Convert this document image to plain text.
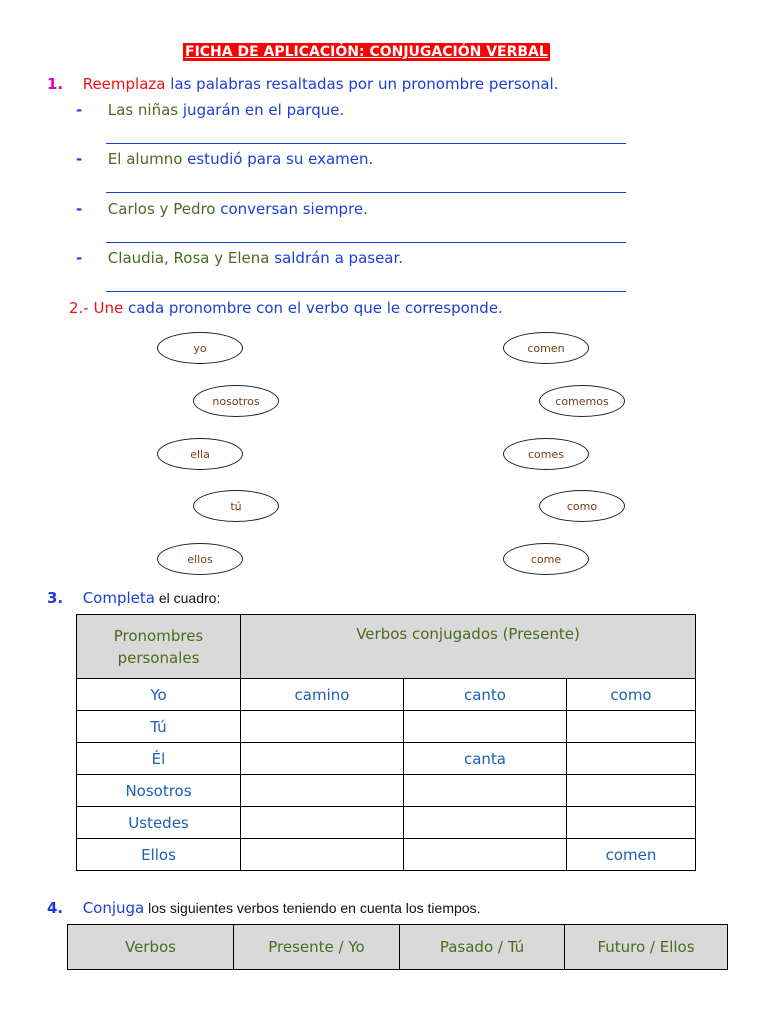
FICHA DE APLICACIÓN: CONJUGACIÓN VERBAL
1. Reemplaza las palabras resaltadas por un pronombre personal.
- Las niñas jugarán en el parque.
- El alumno estudió para su examen.
- Carlos y Pedro conversan siempre.
- Claudia, Rosa y Elena saldrán a pasear.
2.- Une cada pronombre con el verbo que le corresponde.
yo
nosotros
ella
tú
ellos
comen
comemos
comes
como
come
3. Completa el cuadro:
Pronombres personales	Verbos conjugados (Presente)		
Yo	camino	canto	como
Tú			
Él		canta	
Nosotros			
Ustedes			
Ellos			comen
4. Conjuga los siguientes verbos teniendo en cuenta los tiempos.
Verbos	Presente / Yo	Pasado / Tú	Futuro / Ellos
